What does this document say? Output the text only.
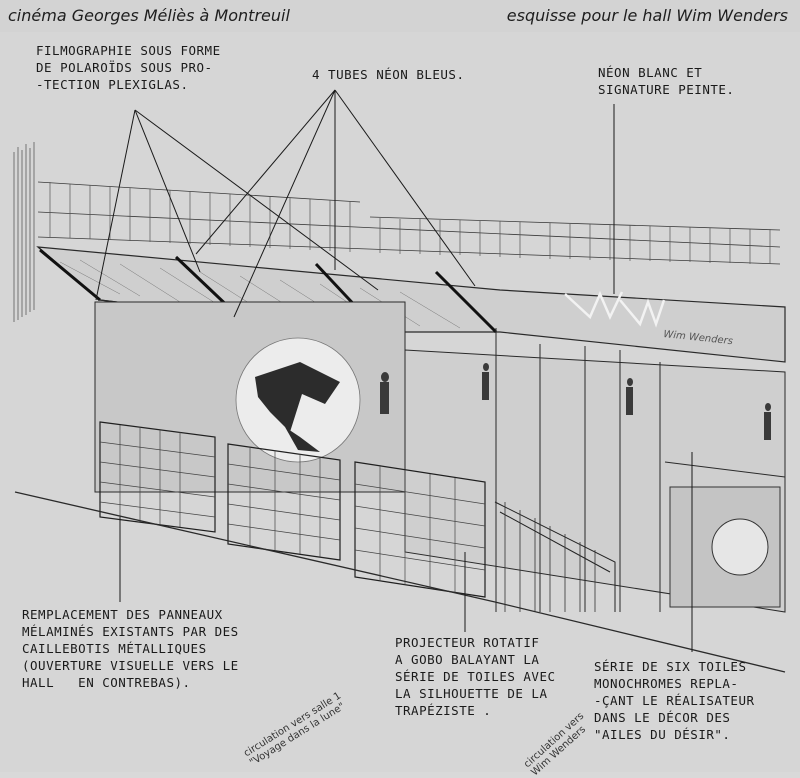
cinéma Georges Méliès à Montreuil	esquisse pour le hall Wim Wenders
FILMOGRAPHIE SOUS FORME
DE POLAROÏDS SOUS PRO-
-TECTION PLEXIGLAS.
4 TUBES NÉON BLEUS.	NÉON BLANC ET
SIGNATURE PEINTE.
REMPLACEMENT DES PANNEAUX
MÉLAMINÉS EXISTANTS PAR DES
CAILLEBOTIS MÉTALLIQUES
(OUVERTURE VISUELLE VERS LE
HALL   EN CONTREBAS).
PROJECTEUR ROTATIF
A GOBO BALAYANT LA
SÉRIE DE TOILES AVEC
LA SILHOUETTE DE LA
TRAPÉZISTE .
SÉRIE DE SIX TOILES
MONOCHROMES REPLA-
-ÇANT LE RÉALISATEUR
DANS LE DÉCOR DES
"AILES DU DÉSIR".
circulation vers salle 1
"Voyage dans la lune"	circulation vers
Wim Wenders
Wim Wenders
